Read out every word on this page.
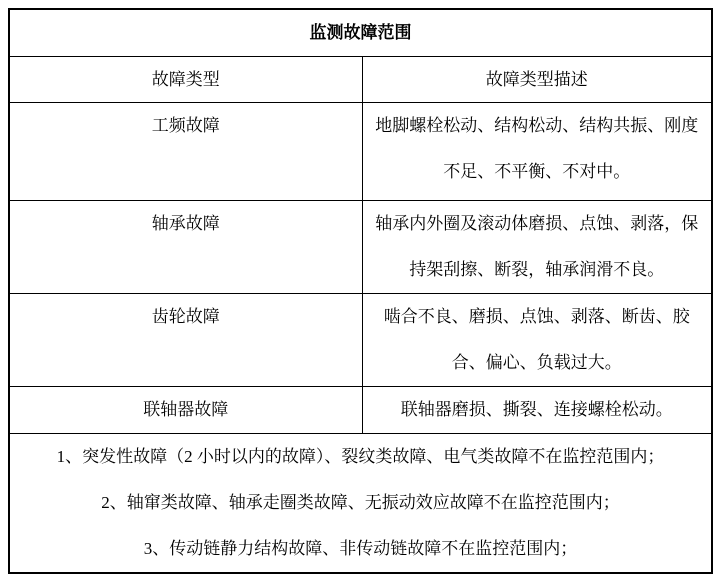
监测故障范围	
故障类型	故障类型描述
工频故障	地脚螺栓松动、结构松动、结构共振、刚度不足、不平衡、不对中。
轴承故障	轴承内外圈及滚动体磨损、点蚀、剥落，保持架刮擦、断裂，轴承润滑不良。
齿轮故障	啮合不良、磨损、点蚀、剥落、断齿、胶合、偏心、负载过大。
联轴器故障	联轴器磨损、撕裂、连接螺栓松动。

1、突发性故障（2 小时以内的故障）、裂纹类故障、电气类故障不在监控范围内；

2、轴窜类故障、轴承走圈类故障、无振动效应故障不在监控范围内；

3、传动链静力结构故障、非传动链故障不在监控范围内；	
